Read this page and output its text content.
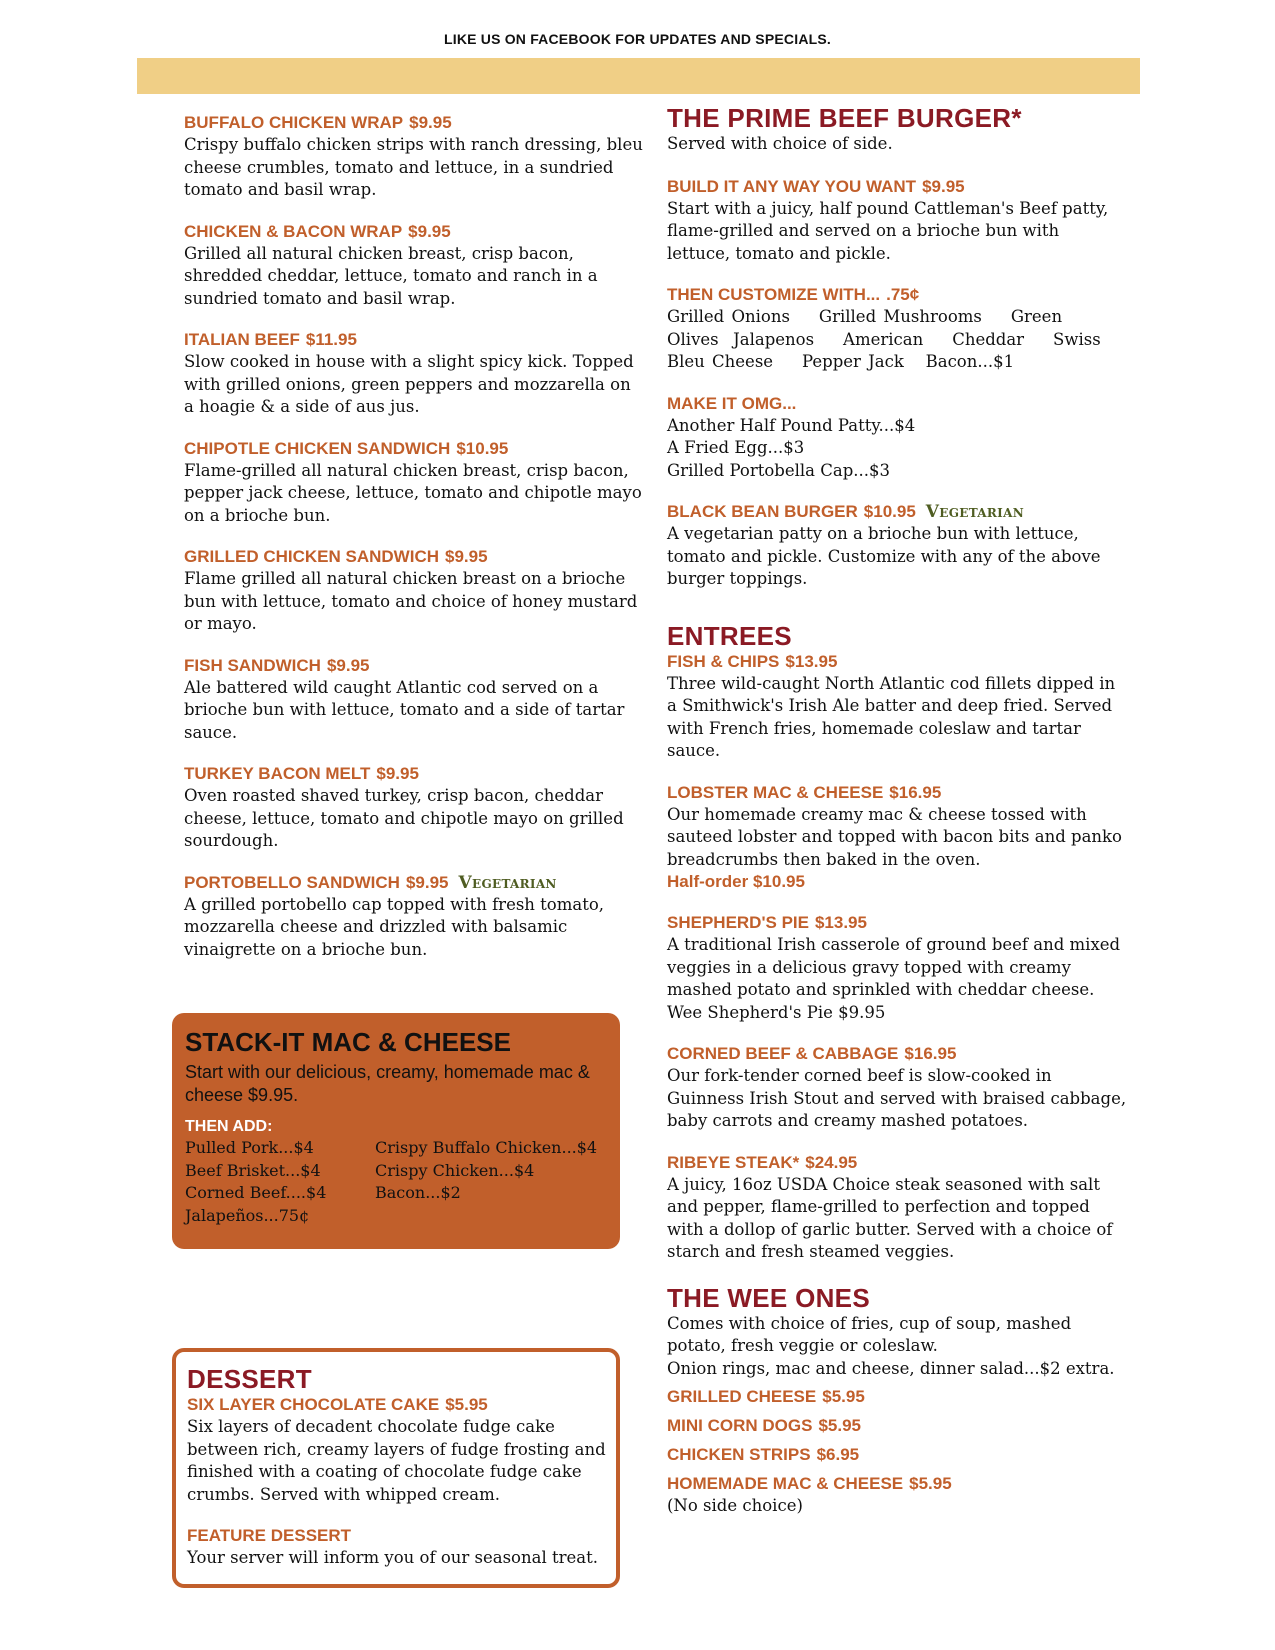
LIKE US ON FACEBOOK FOR UPDATES AND SPECIALS.
BUFFALO CHICKEN WRAP $9.95
Crispy buffalo chicken strips with ranch dressing, bleu cheese crumbles, tomato and lettuce, in a sundried tomato and basil wrap.
CHICKEN & BACON WRAP $9.95
Grilled all natural chicken breast, crisp bacon, shredded cheddar, lettuce, tomato and ranch in a sundried tomato and basil wrap.
ITALIAN BEEF $11.95
Slow cooked in house with a slight spicy kick. Topped with grilled onions, green peppers and mozzarella on a hoagie & a side of aus jus.
CHIPOTLE CHICKEN SANDWICH $10.95
Flame-grilled all natural chicken breast, crisp bacon, pepper jack cheese, lettuce, tomato and chipotle mayo on a brioche bun.
GRILLED CHICKEN SANDWICH $9.95
Flame grilled all natural chicken breast on a brioche bun with lettuce, tomato and choice of honey mustard or mayo.
FISH SANDWICH $9.95
Ale battered wild caught Atlantic cod served on a brioche bun with lettuce, tomato and a side of tartar sauce.
TURKEY BACON MELT $9.95
Oven roasted shaved turkey, crisp bacon, cheddar cheese, lettuce, tomato and chipotle mayo on grilled sourdough.
PORTOBELLO SANDWICH $9.95 Vegetarian
A grilled portobello cap topped with fresh tomato, mozzarella cheese and drizzled with balsamic vinaigrette on a brioche bun.
STACK-IT MAC & CHEESE
Start with our delicious, creamy, homemade mac & cheese $9.95.
THEN ADD:
Pulled Pork...$4	Crispy Buffalo Chicken...$4
Beef Brisket...$4	Crispy Chicken...$4
Corned Beef....$4	Bacon...$2
Jalapeños...75¢
DESSERT
SIX LAYER CHOCOLATE CAKE $5.95
Six layers of decadent chocolate fudge cake between rich, creamy layers of fudge frosting and finished with a coating of chocolate fudge cake crumbs. Served with whipped cream.
FEATURE DESSERT
Your server will inform you of our seasonal treat.
THE PRIME BEEF BURGER*
Served with choice of side.
BUILD IT ANY WAY YOU WANT $9.95
Start with a juicy, half pound Cattleman's Beef patty, flame-grilled and served on a brioche bun with lettuce, tomato and pickle.
THEN CUSTOMIZE WITH... .75¢
Grilled Onions    Grilled Mushrooms    Green
Olives  Jalapenos    American    Cheddar    Swiss
Bleu Cheese    Pepper Jack   Bacon...$1
MAKE IT OMG...
Another Half Pound Patty...$4
A Fried Egg...$3
Grilled Portobella Cap...$3
BLACK BEAN BURGER $10.95 Vegetarian
A vegetarian patty on a brioche bun with lettuce, tomato and pickle. Customize with any of the above burger toppings.
ENTREES
FISH & CHIPS $13.95
Three wild-caught North Atlantic cod fillets dipped in a Smithwick's Irish Ale batter and deep fried. Served with French fries, homemade coleslaw and tartar sauce.
LOBSTER MAC & CHEESE $16.95
Our homemade creamy mac & cheese tossed with sauteed lobster and topped with bacon bits and panko breadcrumbs then baked in the oven.
Half-order $10.95
SHEPHERD'S PIE $13.95
A traditional Irish casserole of ground beef and mixed veggies in a delicious gravy topped with creamy mashed potato and sprinkled with cheddar cheese.
Wee Shepherd's Pie $9.95
CORNED BEEF & CABBAGE $16.95
Our fork-tender corned beef is slow-cooked in Guinness Irish Stout and served with braised cabbage, baby carrots and creamy mashed potatoes.
RIBEYE STEAK* $24.95
A juicy, 16oz USDA Choice steak seasoned with salt and pepper, flame-grilled to perfection and topped with a dollop of garlic butter. Served with a choice of starch and fresh steamed veggies.
THE WEE ONES
Comes with choice of fries, cup of soup, mashed potato, fresh veggie or coleslaw.
Onion rings, mac and cheese, dinner salad...$2 extra.
GRILLED CHEESE $5.95
MINI CORN DOGS $5.95
CHICKEN STRIPS $6.95
HOMEMADE MAC & CHEESE $5.95
(No side choice)
